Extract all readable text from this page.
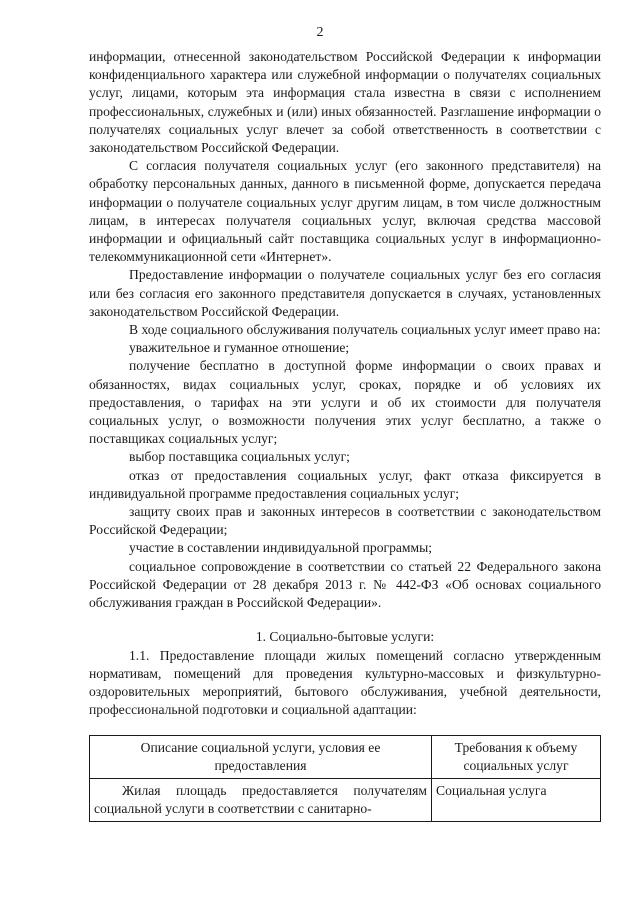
2

информации, отнесенной законодательством Российской Федерации к информации конфиденциального характера или служебной информации о получателях социальных услуг, лицами, которым эта информация стала известна в связи с исполнением профессиональных, служебных и (или) иных обязанностей. Разглашение информации о получателях социальных услуг влечет за собой ответственность в соответствии с законодательством Российской Федерации.

С согласия получателя социальных услуг (его законного представителя) на обработку персональных данных, данного в письменной форме, допускается передача информации о получателе социальных услуг другим лицам, в том числе должностным лицам, в интересах получателя социальных услуг, включая средства массовой информации и официальный сайт поставщика социальных услуг в информационно-телекоммуникационной сети «Интернет».

Предоставление информации о получателе социальных услуг без его согласия или без согласия его законного представителя допускается в случаях, установленных законодательством Российской Федерации.

В ходе социального обслуживания получатель социальных услуг имеет право на:

уважительное и гуманное отношение;

получение бесплатно в доступной форме информации о своих правах и обязанностях, видах социальных услуг, сроках, порядке и об условиях их предоставления, о тарифах на эти услуги и об их стоимости для получателя социальных услуг, о возможности получения этих услуг бесплатно, а также о поставщиках социальных услуг;

выбор поставщика социальных услуг;

отказ от предоставления социальных услуг, факт отказа фиксируется в индивидуальной программе предоставления социальных услуг;

защиту своих прав и законных интересов в соответствии с законодательством Российской Федерации;

участие в составлении индивидуальной программы;

социальное сопровождение в соответствии со статьей 22 Федерального закона Российской Федерации от 28 декабря 2013 г. № 442-ФЗ «Об основах социального обслуживания граждан в Российской Федерации».

1. Социально-бытовые услуги:

1.1. Предоставление площади жилых помещений согласно утвержденным нормативам, помещений для проведения культурно-массовых и физкультурно-оздоровительных мероприятий, бытового обслуживания, учебной деятельности, профессиональной подготовки и социальной адаптации:

Описание социальной услуги, условия ее предоставления	Требования к объему социальных услуг
Жилая площадь предоставляется получателям социальной услуги в соответствии с санитарно-	Социальная услуга
